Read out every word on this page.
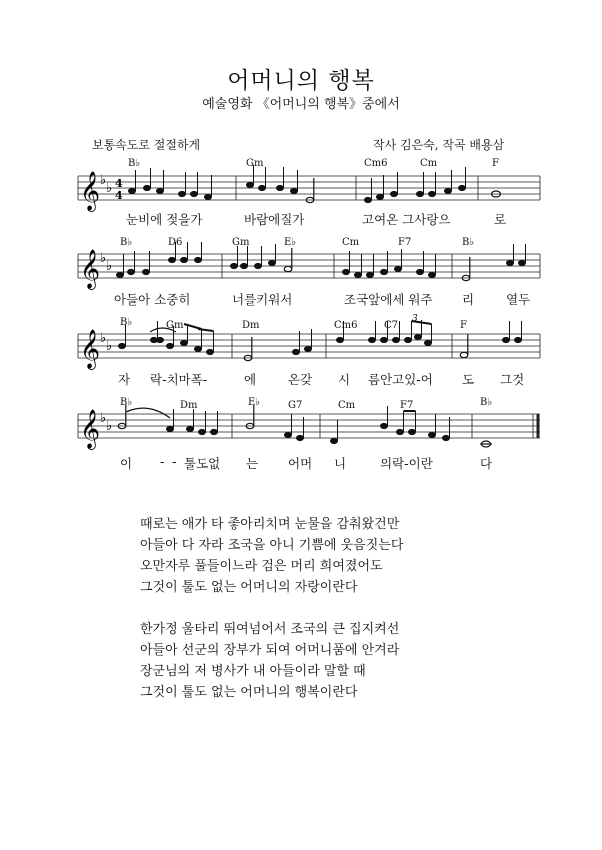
어머니의 행복
예술영화 《어머니의 행복》중에서
보통속도로 절절하게	작사 김은숙, 작곡 배용삼
𝄞 ♭
♭ 4
4
B♭	Gm	Cm6	Cm	F
눈비에 젖을가	바람에질가	고여온 그사랑으	로
𝄞 ♭
♭
B♭	D6	Gm	E♭	Cm	F7	B♭
아들아 소중히	너를키워서	조국앞에세 워주 리	열두
𝄞 ♭
♭
3
B♭	Gm	Dm	Cm6	C7	F
자 락-치마폭-	에	온갖 시 름안고있-어 도 그것
𝄞 ♭
♭
B♭	Dm	E♭	G7	Cm	F7	B♭
이 - - 툴도없 는 어머 니	의락-이란	다
때로는 애가 타 좋아리치며 눈물을 감춰왔건만
아들아 다 자라 조국을 아니 기쁨에 웃음짓는다
오만자루 풀들이느라 검은 머리 희여졌어도
그것이 툴도 없는 어머니의 자랑이란다
한가정 울타리 뛰여넘어서 조국의 큰 집지켜선
아들아 선군의 장부가 되여 어머니품에 안겨라
장군님의 저 병사가 내 아들이라 말할 때
그것이 툴도 없는 어머니의 행복이란다
